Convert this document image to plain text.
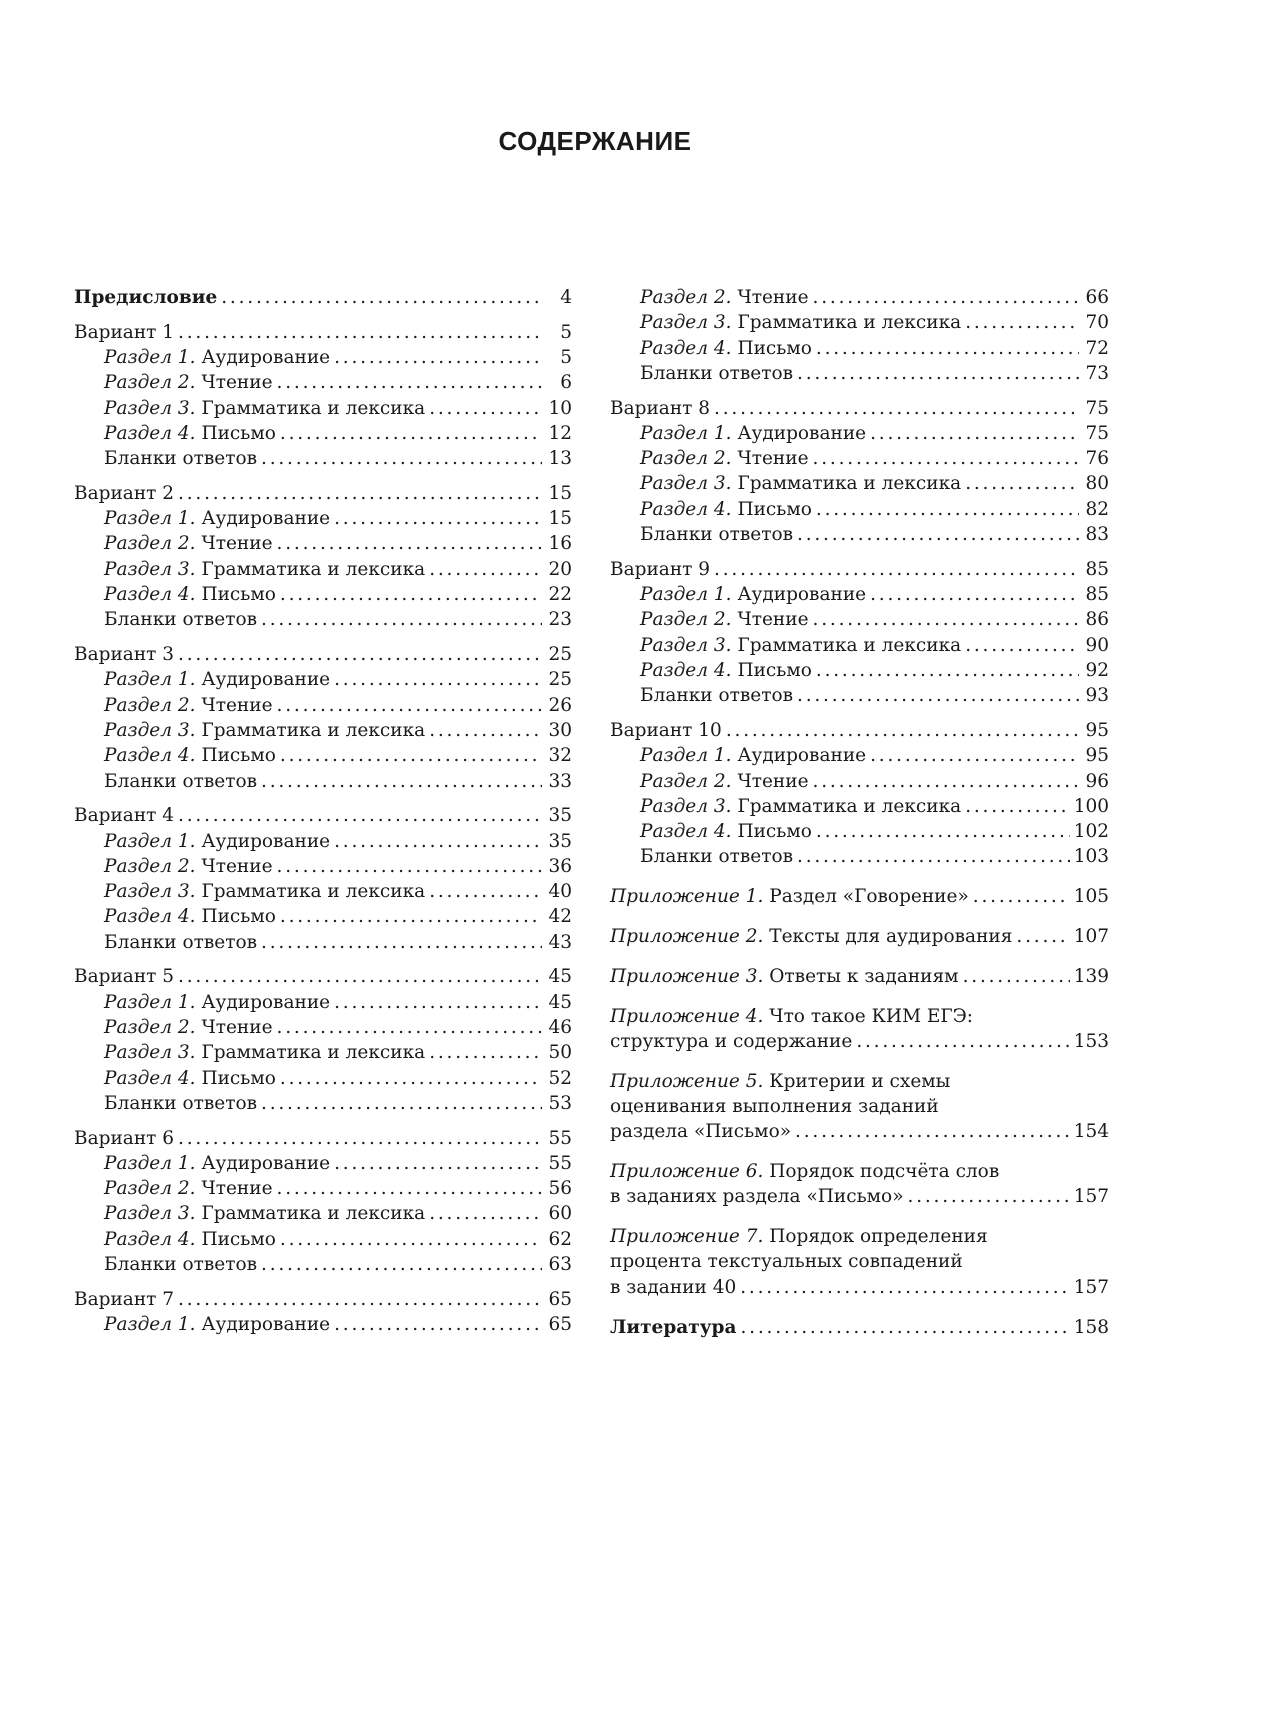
СОДЕРЖАНИЕ
Предисловие .....	4
Вариант 1 .....	5
Раздел 1. Аудирование .....	5
Раздел 2. Чтение .....	6
Раздел 3. Грамматика и лексика .....	10
Раздел 4. Письмо .....	12
Бланки ответов .....	13
Вариант 2 .....	15
Раздел 1. Аудирование .....	15
Раздел 2. Чтение .....	16
Раздел 3. Грамматика и лексика .....	20
Раздел 4. Письмо .....	22
Бланки ответов .....	23
Вариант 3 .....	25
Раздел 1. Аудирование .....	25
Раздел 2. Чтение .....	26
Раздел 3. Грамматика и лексика .....	30
Раздел 4. Письмо .....	32
Бланки ответов .....	33
Вариант 4 .....	35
Раздел 1. Аудирование .....	35
Раздел 2. Чтение .....	36
Раздел 3. Грамматика и лексика .....	40
Раздел 4. Письмо .....	42
Бланки ответов .....	43
Вариант 5 .....	45
Раздел 1. Аудирование .....	45
Раздел 2. Чтение .....	46
Раздел 3. Грамматика и лексика .....	50
Раздел 4. Письмо .....	52
Бланки ответов .....	53
Вариант 6 .....	55
Раздел 1. Аудирование .....	55
Раздел 2. Чтение .....	56
Раздел 3. Грамматика и лексика .....	60
Раздел 4. Письмо .....	62
Бланки ответов .....	63
Вариант 7 .....	65
Раздел 1. Аудирование .....	65
Раздел 2. Чтение .....	66
Раздел 3. Грамматика и лексика .....	70
Раздел 4. Письмо .....	72
Бланки ответов .....	73
Вариант 8 .....	75
Раздел 1. Аудирование .....	75
Раздел 2. Чтение .....	76
Раздел 3. Грамматика и лексика .....	80
Раздел 4. Письмо .....	82
Бланки ответов .....	83
Вариант 9 .....	85
Раздел 1. Аудирование .....	85
Раздел 2. Чтение .....	86
Раздел 3. Грамматика и лексика .....	90
Раздел 4. Письмо .....	92
Бланки ответов .....	93
Вариант 10 .....	95
Раздел 1. Аудирование .....	95
Раздел 2. Чтение .....	96
Раздел 3. Грамматика и лексика .....	100
Раздел 4. Письмо .....	102
Бланки ответов .....	103
Приложение 1. Раздел «Говорение» .....	105
Приложение 2. Тексты для аудирования .....	107
Приложение 3. Ответы к заданиям .....	139
Приложение 4. Что такое КИМ ЕГЭ:
структура и содержание .....	153
Приложение 5. Критерии и схемы
оценивания выполнения заданий
раздела «Письмо» .....	154
Приложение 6. Порядок подсчёта слов
в заданиях раздела «Письмо» .....	157
Приложение 7. Порядок определения
процента текстуальных совпадений
в задании 40 .....	157
Литература .....	158
